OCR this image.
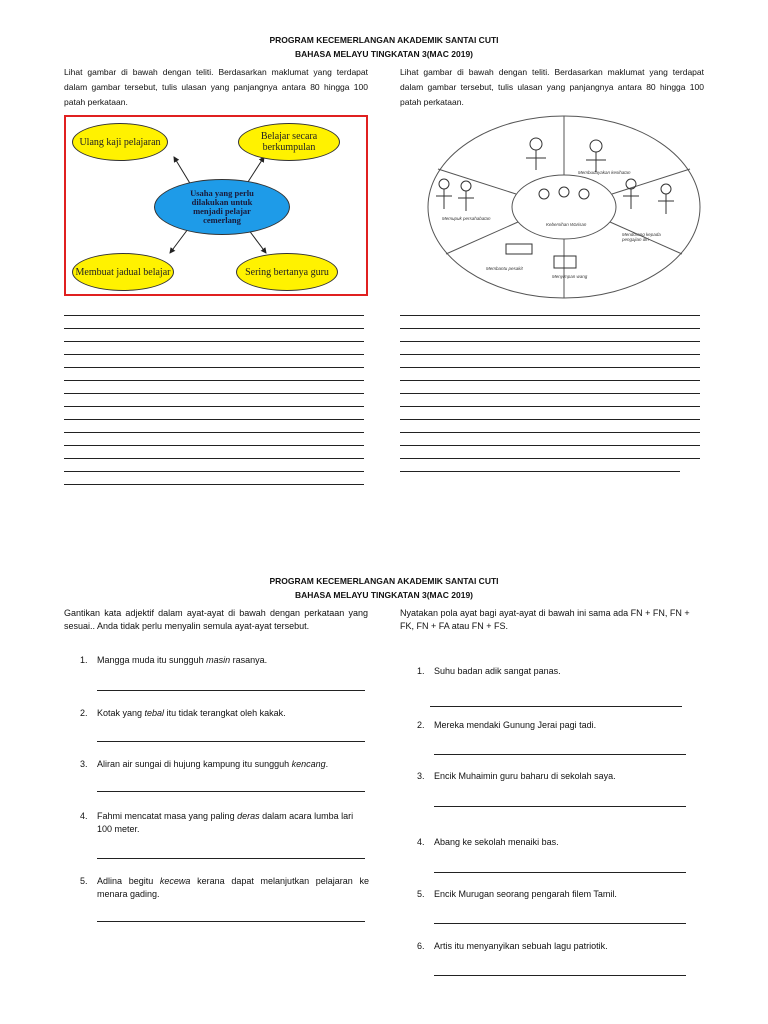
PROGRAM KECEMERLANGAN AKADEMIK SANTAI CUTI
BAHASA MELAYU TINGKATAN 3(MAC 2019)
Lihat gambar di bawah dengan teliti. Berdasarkan maklumat yang terdapat dalam gambar tersebut, tulis ulasan yang panjangnya antara 80 hingga 100 patah perkataan.
Ulang kaji pelajaran	Belajar secara berkumpulan
Usaha yang perlu dilakukan untuk menjadi pelajar cemerlang
Membuat jadual belajar	Sering bertanya guru
Lihat gambar di bawah dengan teliti. Berdasarkan maklumat yang terdapat dalam gambar tersebut, tulis ulasan yang panjangnya antara 80 hingga 100 patah perkataan.
Kebersihan Warisan
Membudayakan kesihatan
Memupuk persahabatan
Mendorong kepada pengajian diri
Membantu pesakit
Menyimpan wang
PROGRAM KECEMERLANGAN AKADEMIK SANTAI CUTI
BAHASA MELAYU TINGKATAN 3(MAC 2019)
Gantikan kata adjektif dalam ayat-ayat di bawah dengan perkataan yang sesuai.. Anda tidak perlu menyalin semula ayat-ayat tersebut.
1. Mangga muda itu sungguh masin rasanya.
2. Kotak yang tebal itu tidak terangkat oleh kakak.
3. Aliran air sungai di hujung kampung itu sungguh kencang.
4. Fahmi mencatat masa yang paling deras dalam acara lumba lari 100 meter.
5. Adlina begitu kecewa kerana dapat melanjutkan pelajaran ke menara gading.
Nyatakan pola ayat bagi ayat-ayat di bawah ini sama ada FN + FN, FN + FK, FN + FA atau FN + FS.
1. Suhu badan adik sangat panas.
2. Mereka mendaki Gunung Jerai pagi tadi.
3. Encik Muhaimin guru baharu di sekolah saya.
4. Abang ke sekolah menaiki bas.
5. Encik Murugan seorang pengarah filem Tamil.
6. Artis itu menyanyikan sebuah lagu patriotik.
